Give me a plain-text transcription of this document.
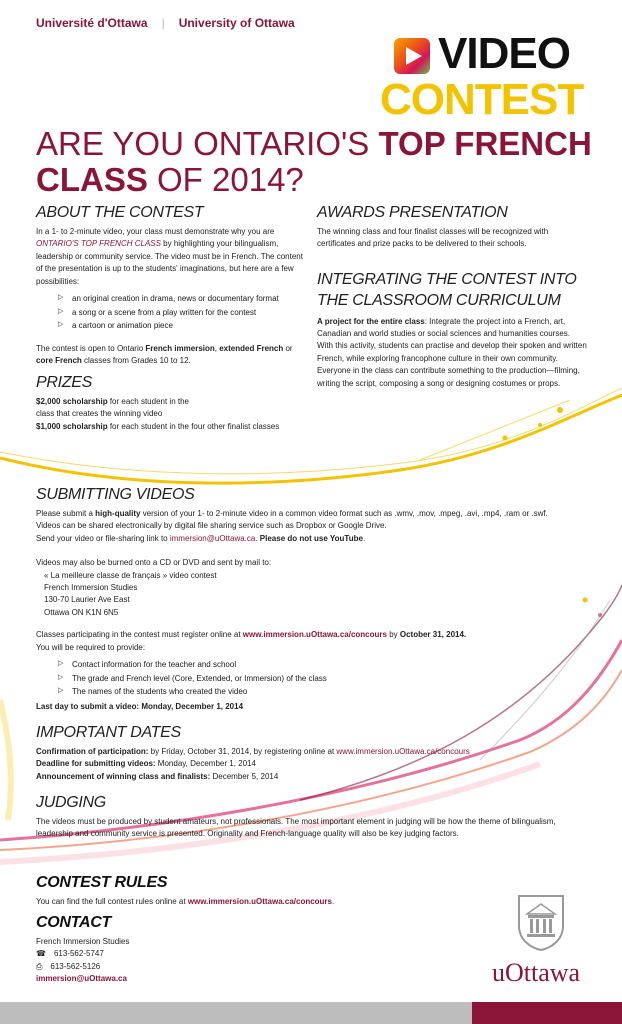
Université d'Ottawa | University of Ottawa
VIDEO
CONTEST
ARE YOU ONTARIO'S TOP FRENCH CLASS OF 2014?
ABOUT THE CONTEST
In a 1- to 2-minute video, your class must demonstrate why you are ONTARIO'S TOP FRENCH CLASS by highlighting your bilingualism, leadership or community service. The video must be in French. The content of the presentation is up to the students' imaginations, but here are a few possibilities:
▷ an original creation in drama, news or documentary format
▷ a song or a scene from a play written for the contest
▷ a cartoon or animation piece
The contest is open to Ontario French immersion, extended French or core French classes from Grades 10 to 12.
PRIZES
$2,000 scholarship for each student in the
class that creates the winning video
$1,000 scholarship for each student in the four other finalist classes
AWARDS PRESENTATION
The winning class and four finalist classes will be recognized with certificates and prize packs to be delivered to their schools.
INTEGRATING THE CONTEST INTO THE CLASSROOM CURRICULUM
A project for the entire class: Integrate the project into a French, art, Canadian and world studies or social sciences and humanities courses. With this activity, students can practise and develop their spoken and written French, while exploring francophone culture in their own community. Everyone in the class can contribute something to the production—filming, writing the script, composing a song or designing costumes or props.
SUBMITTING VIDEOS
Please submit a high-quality version of your 1- to 2-minute video in a common video format such as .wmv, .mov, .mpeg, .avi, .mp4, .ram or .swf.
Videos can be shared electronically by digital file sharing service such as Dropbox or Google Drive.
Send your video or file-sharing link to immersion@uOttawa.ca. Please do not use YouTube.
Videos may also be burned onto a CD or DVD and sent by mail to:
« La meilleure classe de français » video contest
French Immersion Studies
130-70 Laurier Ave East
Ottawa ON K1N 6N5
Classes participating in the contest must register online at www.immersion.uOttawa.ca/concours by October 31, 2014.
You will be required to provide:
▷ Contact information for the teacher and school
▷ The grade and French level (Core, Extended, or Immersion) of the class
▷ The names of the students who created the video
Last day to submit a video: Monday, December 1, 2014
IMPORTANT DATES
Confirmation of participation: by Friday, October 31, 2014, by registering online at www.immersion.uOttawa.ca/concours
Deadline for submitting videos: Monday, December 1, 2014
Announcement of winning class and finalists: December 5, 2014
JUDGING
The videos must be produced by student amateurs, not professionals. The most important element in judging will be how the theme of bilingualism, leadership and community service is presented. Originality and French-language quality will also be key judging factors.
CONTEST RULES
You can find the full contest rules online at www.immersion.uOttawa.ca/concours.
CONTACT
French Immersion Studies
☎ 613-562-5747
⎙ 613-562-5126
immersion@uOttawa.ca	uOttawa
